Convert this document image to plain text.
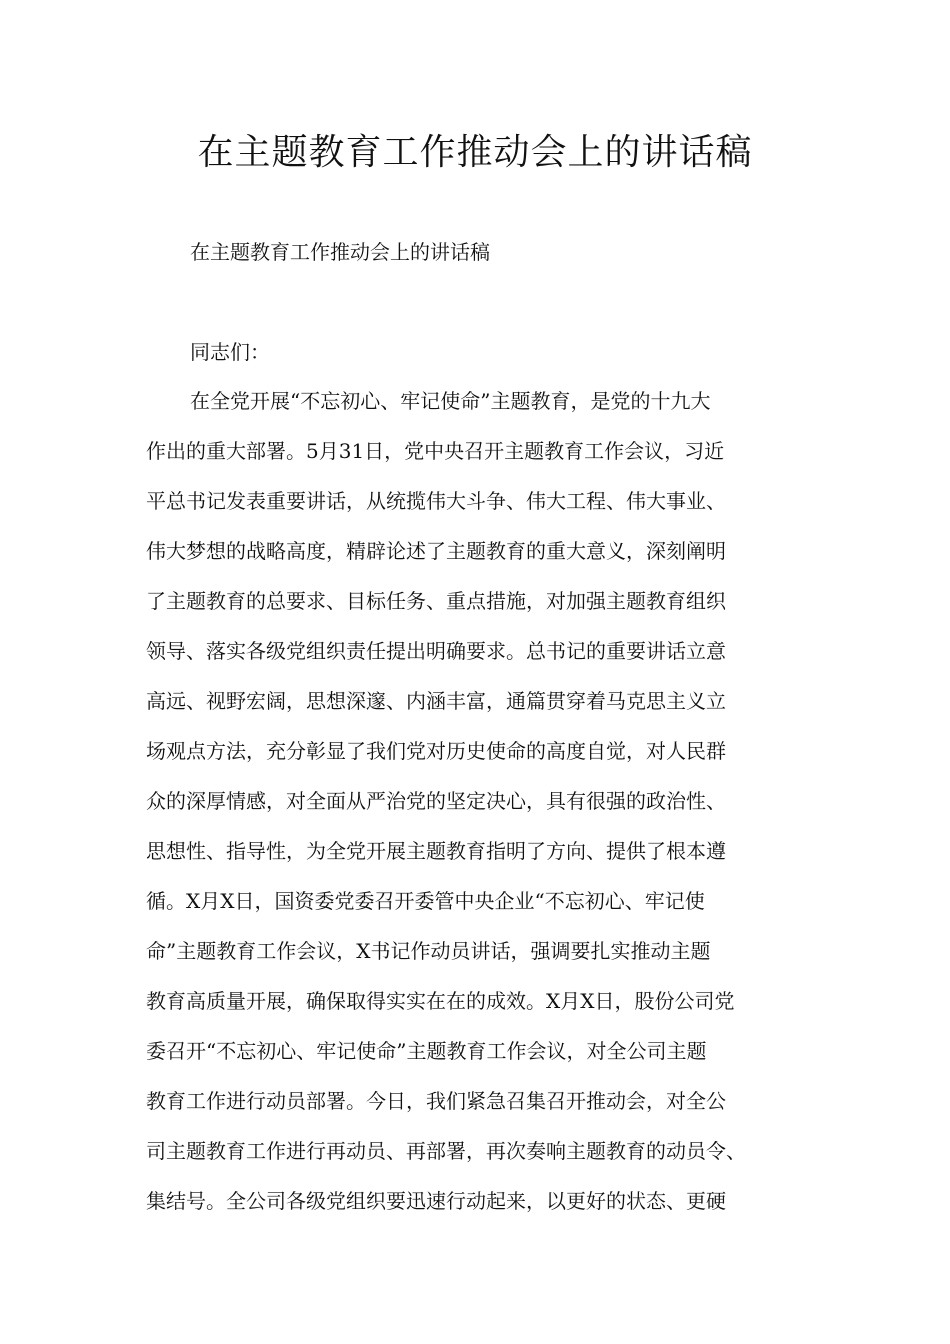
在主题教育工作推动会上的讲话稿

在主题教育工作推动会上的讲话稿

同志们：

在全党开展“不忘初心、牢记使命”主题教育，是党的十九大
作出的重大部署。5月31日，党中央召开主题教育工作会议，习近
平总书记发表重要讲话，从统揽伟大斗争、伟大工程、伟大事业、
伟大梦想的战略高度，精辟论述了主题教育的重大意义，深刻阐明
了主题教育的总要求、目标任务、重点措施，对加强主题教育组织
领导、落实各级党组织责任提出明确要求。总书记的重要讲话立意
高远、视野宏阔，思想深邃、内涵丰富，通篇贯穿着马克思主义立
场观点方法，充分彰显了我们党对历史使命的高度自觉，对人民群
众的深厚情感，对全面从严治党的坚定决心，具有很强的政治性、
思想性、指导性，为全党开展主题教育指明了方向、提供了根本遵
循。X月X日，国资委党委召开委管中央企业“不忘初心、牢记使
命”主题教育工作会议，X书记作动员讲话，强调要扎实推动主题
教育高质量开展，确保取得实实在在的成效。X月X日，股份公司党
委召开“不忘初心、牢记使命”主题教育工作会议，对全公司主题
教育工作进行动员部署。今日，我们紧急召集召开推动会，对全公
司主题教育工作进行再动员、再部署，再次奏响主题教育的动员令、
集结号。全公司各级党组织要迅速行动起来，以更好的状态、更硬
